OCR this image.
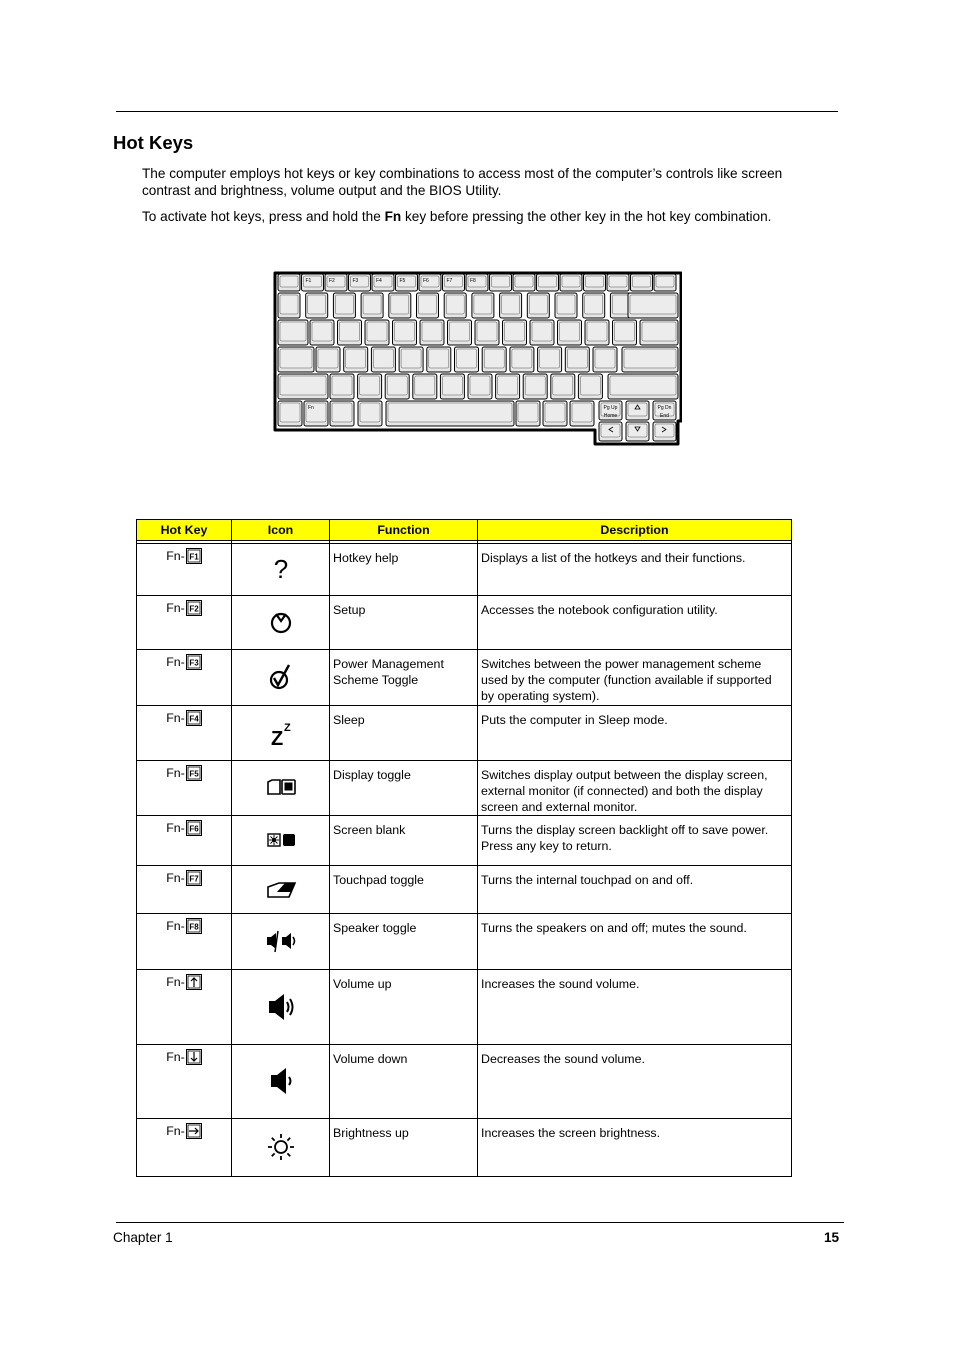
Hot Keys

The computer employs hot keys or key combinations to access most of the computer’s controls like screen contrast and brightness, volume output and the BIOS Utility.

To activate hot keys, press and hold the Fn key before pressing the other key in the hot key combination.

F1	F2	F3	F4	F5	F6	F7	F8
Fn	Pg Up
Home
Pg Dn
End
Hot Key	Icon	Function	Description

Fn- F1	?	Hotkey help	Displays a list of the hotkeys and their functions.

Fn- F2		Setup	Accesses the notebook configuration utility.

Fn- F3		Power Management Scheme Toggle	Switches between the power management scheme used by the computer (function available if supported by operating system).

Fn- F4	Z Z	Sleep	Puts the computer in Sleep mode.

Fn- F5		Display toggle	Switches display output between the display screen, external monitor (if connected) and both the display screen and external monitor.

Fn- F6		Screen blank	Turns the display screen backlight off to save power. Press any key to return.

Fn- F7		Touchpad toggle	Turns the internal touchpad on and off.

Fn- F8		Speaker toggle	Turns the speakers on and off; mutes the sound.

Fn-		Volume up	Increases the sound volume.

Fn-		Volume down	Decreases the sound volume.

Fn-		Brightness up	Increases the screen brightness.
Chapter 1	15
